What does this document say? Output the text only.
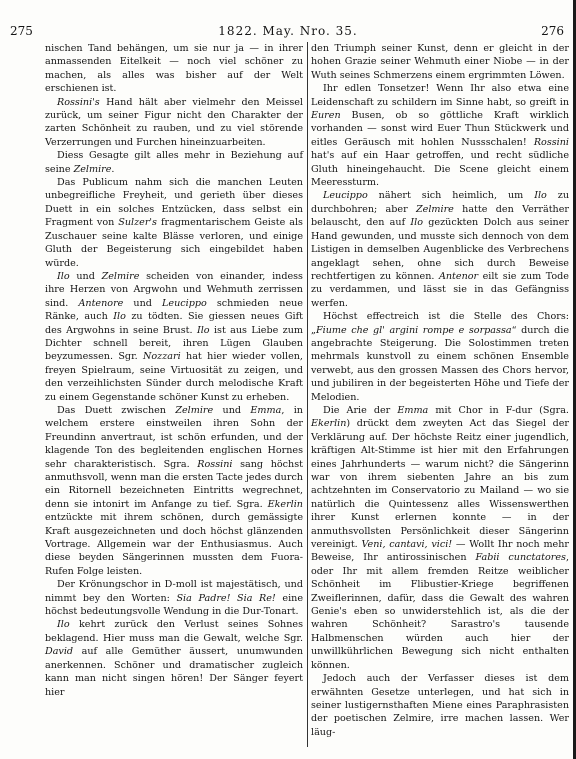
275	1822. May. Nro. 35.	276

nischen Tand behängen, um sie nur ja — in ihrer anmassenden Eitelkeit — noch viel schöner zu machen, als alles was bisher auf der Welt erschienen ist.

Rossini's Hand hält aber vielmehr den Meissel zurück, um seiner Figur nicht den Charakter der zarten Schönheit zu rauben, und zu viel störende Verzerrungen und Furchen hineinzuarbeiten.

Diess Gesagte gilt alles mehr in Beziehung auf seine Zelmire.

Das Publicum nahm sich die manchen Leuten unbegreifliche Freyheit, und gerieth über dieses Duett in ein solches Entzücken, dass selbst ein Fragment von Sulzer's fragmentarischem Geiste als Zuschauer seine kalte Blässe verloren, und einige Gluth der Begeisterung sich eingebildet haben würde.

Ilo und Zelmire scheiden von einander, indess ihre Herzen von Argwohn und Wehmuth zerrissen sind. Antenore und Leucippo schmieden neue Ränke, auch Ilo zu tödten. Sie giessen neues Gift des Argwohns in seine Brust. Ilo ist aus Liebe zum Dichter schnell bereit, ihren Lügen Glauben beyzumessen. Sgr. Nozzari hat hier wieder vollen, freyen Spielraum, seine Virtuosität zu zeigen, und den verzeihlichsten Sünder durch melodische Kraft zu einem Gegenstande schöner Kunst zu erheben.

Das Duett zwischen Zelmire und Emma, in welchem erstere einstweilen ihren Sohn der Freundinn anvertraut, ist schön erfunden, und der klagende Ton des begleitenden englischen Hornes sehr charakteristisch. Sgra. Rossini sang höchst anmuthsvoll, wenn man die ersten Tacte jedes durch ein Ritornell bezeichneten Eintritts wegrechnet, denn sie intonirt im Anfange zu tief. Sgra. Ekerlin entzückte mit ihrem schönen, durch gemässigte Kraft ausgezeichneten und doch höchst glänzenden Vortrage. Allgemein war der Enthusiasmus. Auch diese beyden Sängerinnen mussten dem Fuora-Rufen Folge leisten.

Der Krönungschor in D-moll ist majestätisch, und nimmt bey den Worten: Sia Padre! Sia Re! eine höchst bedeutungsvolle Wendung in die Dur-Tonart.

Ilo kehrt zurück den Verlust seines Sohnes beklagend. Hier muss man die Gewalt, welche Sgr. David auf alle Gemüther äussert, unumwunden anerkennen. Schöner und dramatischer zugleich kann man nicht singen hören! Der Sänger feyert hier

den Triumph seiner Kunst, denn er gleicht in der hohen Grazie seiner Wehmuth einer Niobe — in der Wuth seines Schmerzens einem ergrimmten Löwen.

Ihr edlen Tonsetzer! Wenn Ihr also etwa eine Leidenschaft zu schildern im Sinne habt, so greift in Euren Busen, ob so göttliche Kraft wirklich vorhanden — sonst wird Euer Thun Stückwerk und eitles Geräusch mit hohlen Nussschalen! Rossini hat's auf ein Haar getroffen, und recht südliche Gluth hineingehaucht. Die Scene gleicht einem Meeressturm.

Leucippo nähert sich heimlich, um Ilo zu durchbohren; aber Zelmire hatte den Verräther belauscht, den auf Ilo gezückten Dolch aus seiner Hand gewunden, und musste sich dennoch von dem Listigen in demselben Augenblicke des Verbrechens angeklagt sehen, ohne sich durch Beweise rechtfertigen zu können. Antenor eilt sie zum Tode zu verdammen, und lässt sie in das Gefängniss werfen.

Höchst effectreich ist die Stelle des Chors: „Fiume che gl' argini rompe e sorpassa“ durch die angebrachte Steigerung. Die Solostimmen treten mehrmals kunstvoll zu einem schönen Ensemble verwebt, aus den grossen Massen des Chors hervor, und jubiliren in der begeisterten Höhe und Tiefe der Melodien.

Die Arie der Emma mit Chor in F-dur (Sgra. Ekerlin) drückt dem zweyten Act das Siegel der Verklärung auf. Der höchste Reitz einer jugendlich, kräftigen Alt-Stimme ist hier mit den Erfahrungen eines Jahrhunderts — warum nicht? die Sängerinn war von ihrem siebenten Jahre an bis zum achtzehnten im Conservatorio zu Mailand — wo sie natürlich die Quintessenz alles Wissenswerthen ihrer Kunst erlernen konnte — in der anmuthsvollsten Persönlichkeit dieser Sängerinn vereinigt. Veni, cantavi, vici! — Wollt Ihr noch mehr Beweise, Ihr antirossinischen Fabii cunctatores, oder Ihr mit allem fremden Reitze weiblicher Schönheit im Flibustier-Kriege begriffenen Zweiflerinnen, dafür, dass die Gewalt des wahren Genie's eben so unwiderstehlich ist, als die der wahren Schönheit? Sarastro's tausende Halbmenschen würden auch hier der unwillkührlichen Bewegung sich nicht enthalten können.

Jedoch auch der Verfasser dieses ist dem erwähnten Gesetze unterlegen, und hat sich in seiner lustigernsthaften Miene eines Paraphrasisten der poetischen Zelmire, irre machen lassen. Wer läug-
